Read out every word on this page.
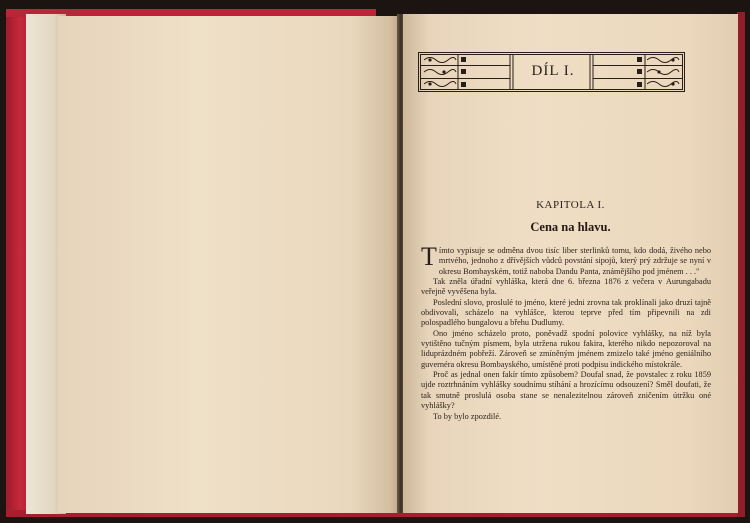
DÍL I.
KAPITOLA I.
Cena na hlavu.

Tímto vypisuje se odměna dvou tisíc liber sterlinků tomu, kdo dodá, živého nebo mrtvého, jednoho z dřívějších vůdců povstání sipojů, který prý zdržuje se nyní v okresu Bombayském, totiž naboba Dandu Panta, známějšího pod jménem . . ."

Tak zněla úřadní vyhláška, která dne 6. března 1876 z večera v Aurungabadu veřejně vyvěšena byla.

Poslední slovo, proslulé to jméno, které jedni zrovna tak proklínali jako druzí tajně obdivovali, scházelo na vyhlášce, kterou teprve před tím připevnili na zdi polospadlého bungalovu a břehu Dudlumy.

Ono jméno scházelo proto, poněvadž spodní polovice vyhlášky, na níž byla vytištěno tučným písmem, byla utržena rukou fakira, kterého nikdo nepozoroval na liduprázdném pobřeží. Zároveň se zmíněným jménem zmizelo také jméno geniálního guvernéra okresu Bombayského, umístěné proti podpisu indického místokrále.

Proč as jednal onen fakír tímto způsobem? Doufal snad, že povstalec z roku 1859 ujde roztrhnáním vyhlášky soudnímu stíhání a hrozícímu odsouzení? Směl doufati, že tak smutně proslulá osoba stane se nenalezitelnou zároveň zničením útržku oné vyhlášky?

To by bylo zpozdilé.
